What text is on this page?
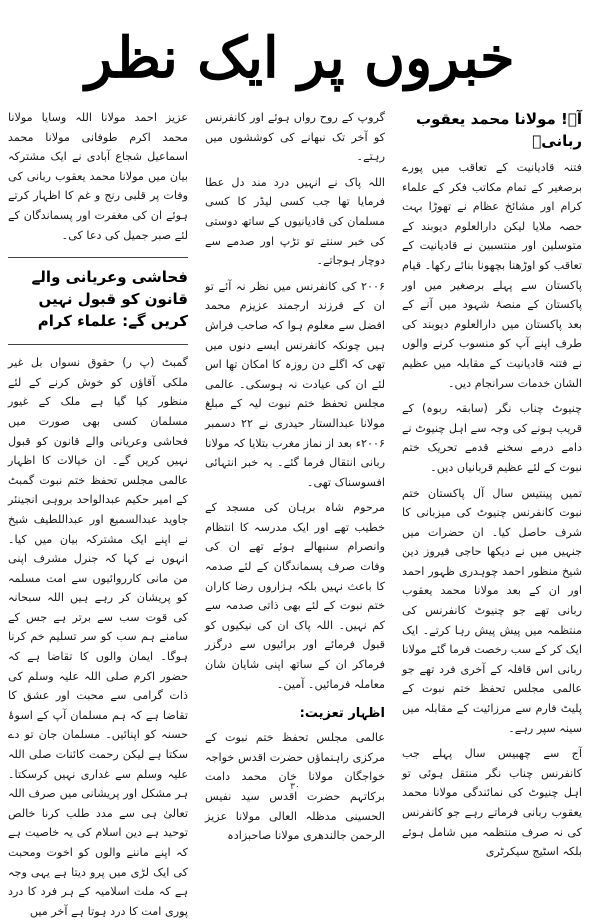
خبروں پر ایک نظر
آہ! مولانا محمد یعقوب ربانیؒ

فتنہ قادیانیت کے تعاقب میں پورے برصغیر کے تمام مکاتب فکر کے علماء کرام اور مشائخ عظام نے تھوڑا بہت حصہ ملایا لیکن دارالعلوم دیوبند کے متوسلین اور منتسبین نے قادیانیت کے تعاقب کو اوڑھنا بچھونا بنائے رکھا۔ قیام پاکستان سے پہلے برصغیر میں اور پاکستان کے منصۂ شہود میں آنے کے بعد پاکستان میں دارالعلوم دیوبند کی طرف اپنے آپ کو منسوب کرنے والوں نے فتنہ قادیانیت کے مقابلہ میں عظیم الشان خدمات سرانجام دیں۔

چنیوٹ چناب نگر (سابقہ ربوہ) کے قریب ہونے کی وجہ سے اہل چنیوٹ نے دامے درمے سخنے قدمے تحریک ختم نبوت کے لئے عظیم قربانیاں دیں۔

تمیں پینتیس سال آل پاکستان ختم نبوت کانفرنس چنیوٹ کی میزبانی کا شرف حاصل کیا۔ ان حضرات میں جنہیں میں نے دیکھا حاجی فیروز دین شیخ منظور احمد چوہدری ظہور احمد اور ان کے بعد مولانا محمد یعقوب ربانی تھے جو چنیوٹ کانفرنس کی منتظمہ میں پیش پیش رہا کرتے۔ ایک ایک کر کے سب رخصت فرما گئے مولانا ربانی اس قافلہ کے آخری فرد تھے جو عالمی مجلس تحفظ ختم نبوت کے پلیٹ فارم سے مرزائیت کے مقابلہ میں سینہ سپر رہے۔

آج سے چھبیس سال پہلے جب کانفرنس چناب نگر منتقل ہوئی تو اہل چنیوٹ کی نمائندگی مولانا محمد یعقوب ربانی فرماتے رہے جو کانفرنس کی نہ صرف منتظمہ میں شامل ہوئے بلکہ اسٹیج سیکرٹری

گروپ کے روح رواں ہوئے اور کانفرنس کو آخر تک نبھانے کی کوششوں میں رہتے۔

اللہ پاک نے انہیں درد مند دل عطا فرمایا تھا جب کسی لیڈر کا کسی مسلمان کی قادیانیوں کے ساتھ دوستی کی خبر سنتے تو تڑپ اور صدمے سے دوچار ہوجاتے۔

۲۰۰۶ کی کانفرنس میں نظر نہ آئے تو ان کے فرزند ارجمند عزیزم محمد افضل سے معلوم ہوا کہ صاحب فراش ہیں چونکہ کانفرنس ایسے دنوں میں تھی کہ اگلے دن روزہ کا امکان تھا اس لئے ان کی عیادت نہ ہوسکی۔ عالمی مجلس تحفظ ختم نبوت لیہ کے مبلغ مولانا عبدالستار حیدری نے ۲۲ دسمبر ۲۰۰۶ء بعد از نماز مغرب بتلایا کہ مولانا ربانی انتقال فرما گئے۔ یہ خبر انتہائی افسوسناک تھی۔

مرحوم شاہ برہان کی مسجد کے خطیب تھے اور ایک مدرسہ کا انتظام وانصرام سنبھالے ہوئے تھے ان کی وفات صرف پسماندگان کے لئے صدمہ کا باعث نہیں بلکہ ہزاروں رضا کاران ختم نبوت کے لئے بھی ذاتی صدمہ سے کم نہیں۔ اللہ پاک ان کی نیکیوں کو قبول فرمائے اور برائیوں سے درگزر فرماکر ان کے ساتھ اپنی شایان شان معاملہ فرمائیں۔ آمین۔

اظہار تعزیت:

عالمی مجلس تحفظ ختم نبوت کے مرکزی راہنماؤں حضرت اقدس خواجہ خواجگان مولانا خان محمد دامت برکاتہم حضرت اقدس سید نفیس الحسینی مدظلہ العالی مولانا عزیز الرحمن جالندھری مولانا صاحبزادہ

عزیز احمد مولانا اللہ وسایا مولانا محمد اکرم طوفانی مولانا محمد اسماعیل شجاع آبادی نے ایک مشترکہ بیان میں مولانا محمد یعقوب ربانی کی وفات پر قلبی رنج و غم کا اظہار کرتے ہوئے ان کی مغفرت اور پسماندگان کے لئے صبر جمیل کی دعا کی۔

فحاشی وعریانی والے قانون کو قبول نہیں کریں گے: علماء کرام

گمبٹ (پ ر) حقوق نسواں بل غیر ملکی آقاؤں کو خوش کرنے کے لئے منظور کیا گیا ہے ملک کے غیور مسلمان کسی بھی صورت میں فحاشی وعریانی والے قانون کو قبول نہیں کریں گے۔ ان خیالات کا اظہار عالمی مجلس تحفظ ختم نبوت گمبٹ کے امیر حکیم عبدالواحد بروہی انجینئر جاوید عبدالسمیع اور عبداللطیف شیخ نے اپنے ایک مشترکہ بیان میں کیا۔ انہوں نے کہا کہ جنرل مشرف اپنی من مانی کارروائیوں سے امت مسلمہ کو پریشان کر رہے ہیں اللہ سبحانہ کی قوت سب سے برتر ہے جس کے سامنے ہم سب کو سر تسلیم خم کرنا ہوگا۔ ایمان والوں کا تقاضا ہے کہ حضور اکرم صلی اللہ علیہ وسلم کی ذات گرامی سے محبت اور عشق کا تقاضا ہے کہ ہم مسلمان آپ کے اسوۂ حسنہ کو اپنائیں۔ مسلمان جان تو دے سکتا ہے لیکن رحمت کائنات صلی اللہ علیہ وسلم سے غداری نہیں کرسکتا۔ ہر مشکل اور پریشانی میں صرف اللہ تعالیٰ ہی سے مدد طلب کرنا خالص توحید ہے دین اسلام کی یہ خاصیت ہے کہ اپنے ماننے والوں کو اخوت ومحبت کی ایک لڑی میں پرو دیتا ہے یہی وجہ ہے کہ ملت اسلامیہ کے ہر فرد کا درد پوری امت کا درد ہوتا ہے آخر میں

۳۰
